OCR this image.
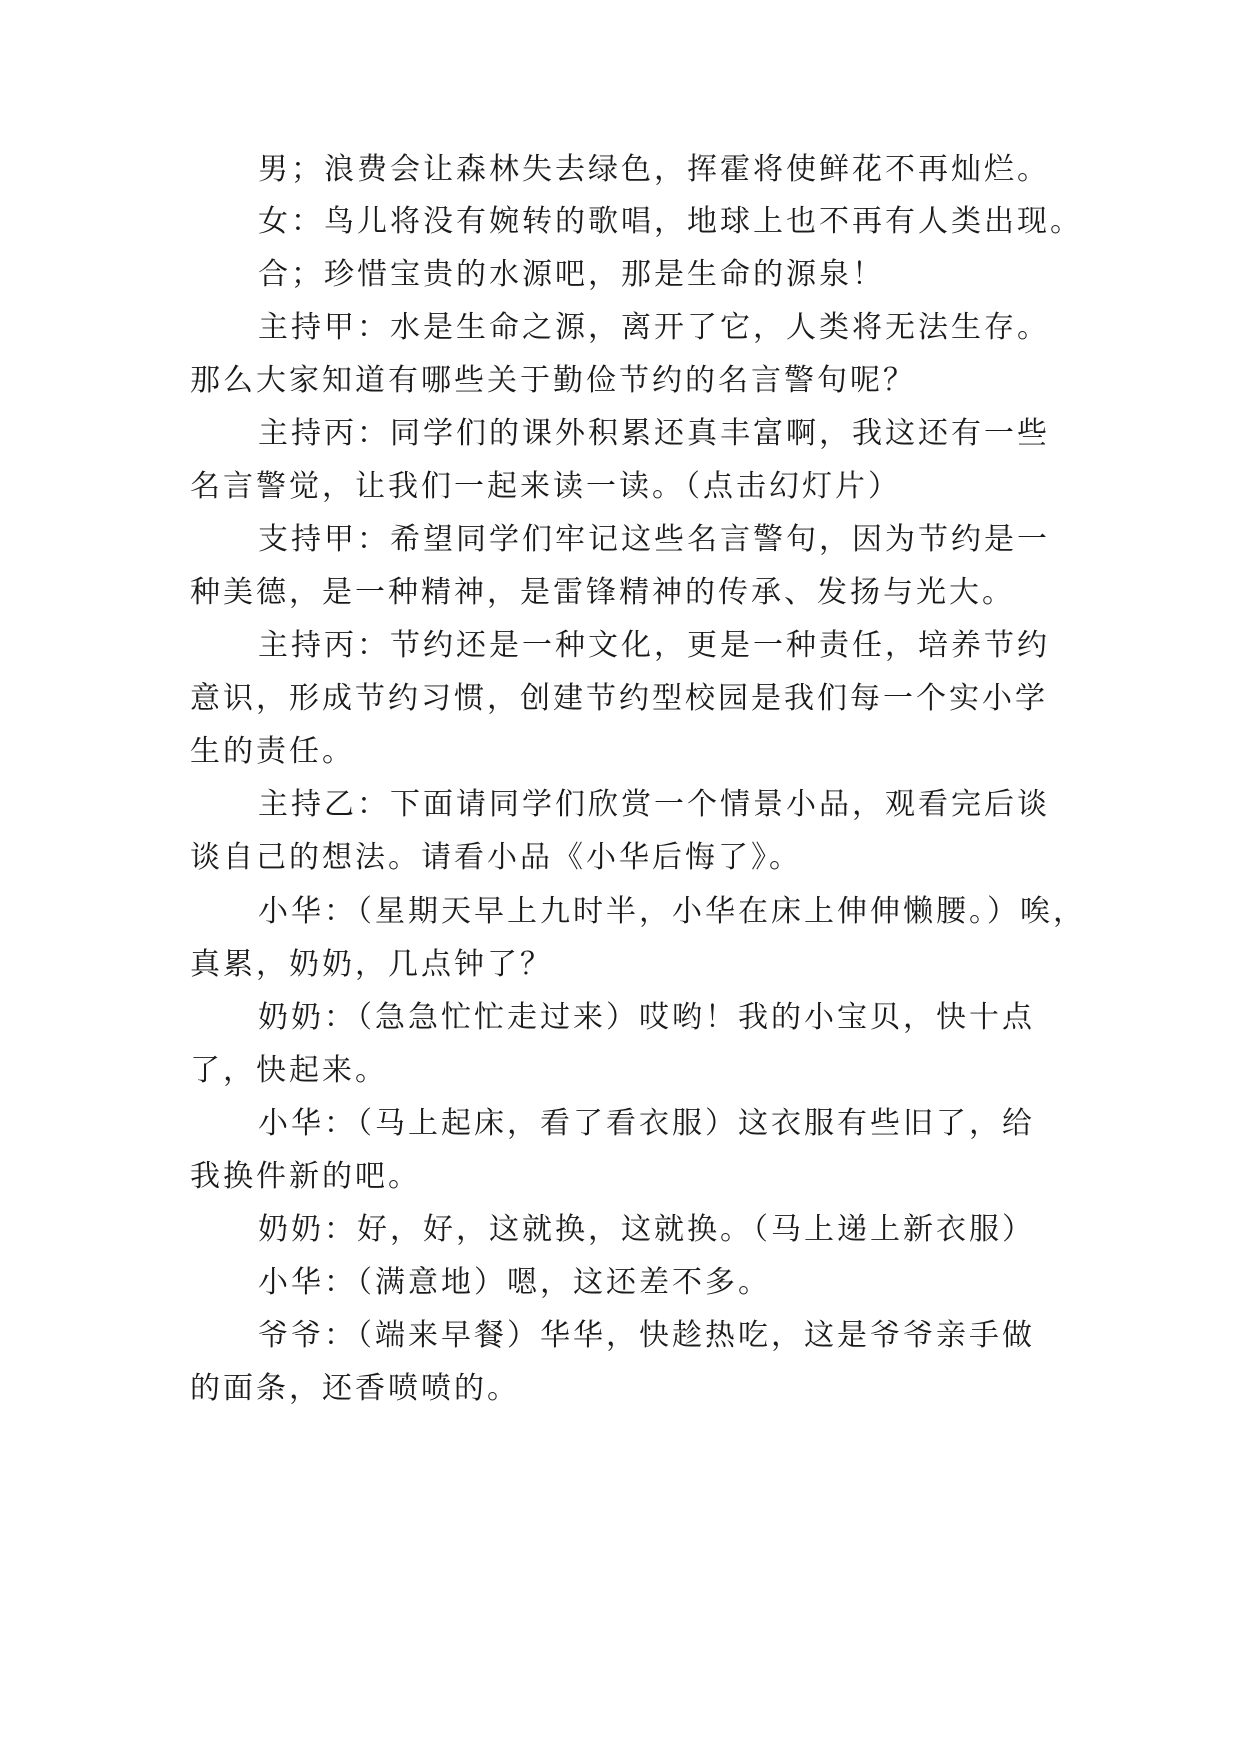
男；浪费会让森林失去绿色，挥霍将使鲜花不再灿烂。
女：鸟儿将没有婉转的歌唱，地球上也不再有人类出现。
合；珍惜宝贵的水源吧，那是生命的源泉！
主持甲：水是生命之源，离开了它，人类将无法生存。
那么大家知道有哪些关于勤俭节约的名言警句呢？
主持丙：同学们的课外积累还真丰富啊，我这还有一些
名言警觉，让我们一起来读一读。（点击幻灯片）
支持甲：希望同学们牢记这些名言警句，因为节约是一
种美德，是一种精神，是雷锋精神的传承、发扬与光大。
主持丙：节约还是一种文化，更是一种责任，培养节约
意识，形成节约习惯，创建节约型校园是我们每一个实小学
生的责任。
主持乙：下面请同学们欣赏一个情景小品，观看完后谈
谈自己的想法。请看小品《小华后悔了》。
小华：（星期天早上九时半，小华在床上伸伸懒腰。）唉，
真累，奶奶，几点钟了？
奶奶：（急急忙忙走过来）哎哟！我的小宝贝，快十点
了，快起来。
小华：（马上起床，看了看衣服）这衣服有些旧了，给
我换件新的吧。
奶奶：好，好，这就换，这就换。（马上递上新衣服）
小华：（满意地）嗯，这还差不多。
爷爷：（端来早餐）华华，快趁热吃，这是爷爷亲手做
的面条，还香喷喷的。
